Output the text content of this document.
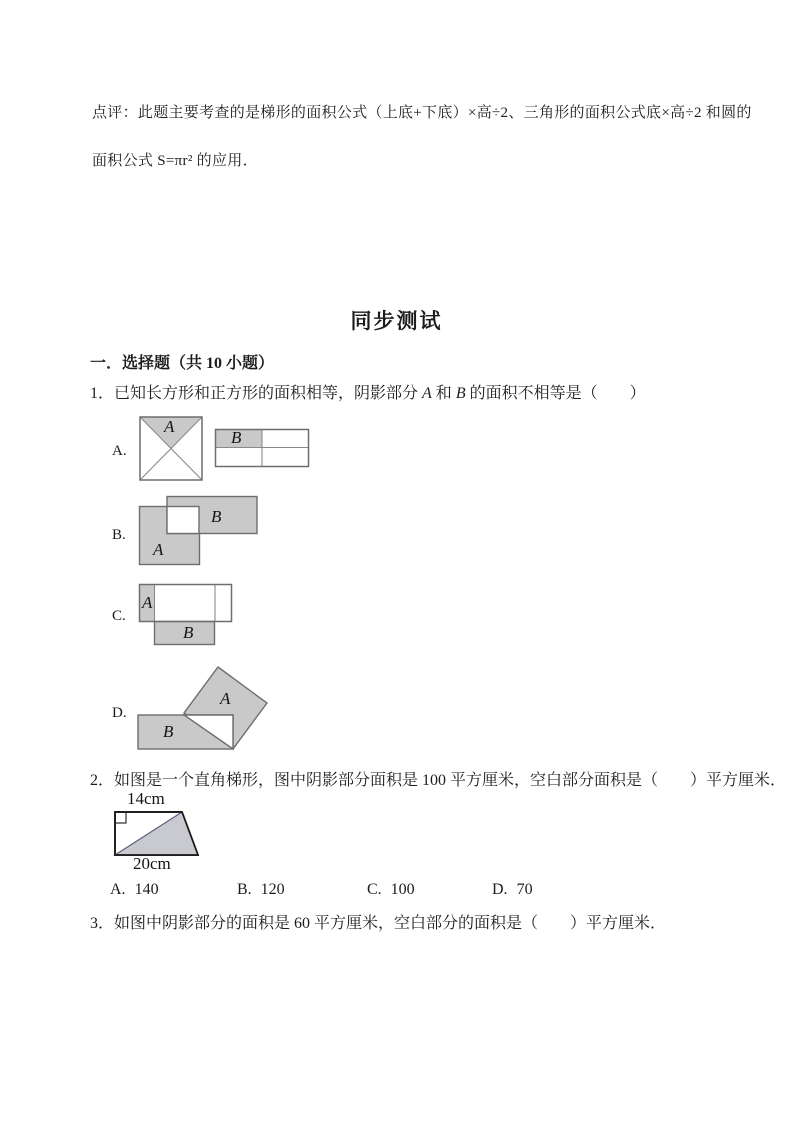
点评：此题主要考查的是梯形的面积公式（上底+下底）×高÷2、三角形的面积公式底×高÷2 和圆的
面积公式 S=πr² 的应用．
同步测试
一．选择题（共 10 小题）
1．已知长方形和正方形的面积相等，阴影部分 A 和 B 的面积不相等是（　　）
A.
A
B
B.
A
B
C.
A
B
D.
A
B
2．如图是一个直角梯形，图中阴影部分面积是 100 平方厘米，空白部分面积是（　　）平方厘米．
14cm
20cm
A. 140	B. 120	C. 100	D. 70
3．如图中阴影部分的面积是 60 平方厘米，空白部分的面积是（　　）平方厘米．
